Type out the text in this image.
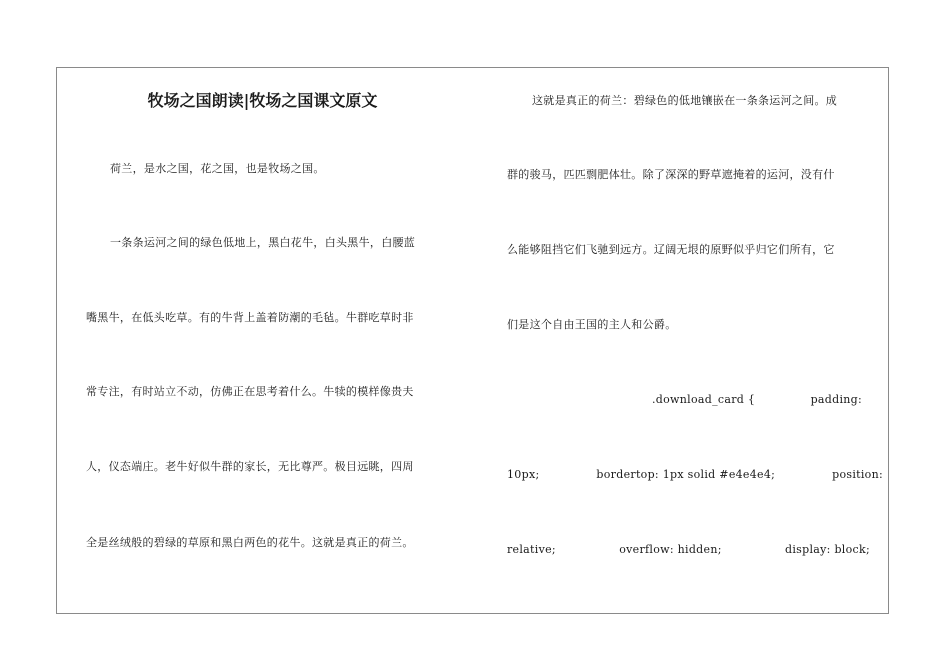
牧场之国朗读|牧场之国课文原文
荷兰，是水之国，花之国，也是牧场之国。
一条条运河之间的绿色低地上，黑白花牛，白头黑牛，白腰蓝
嘴黑牛，在低头吃草。有的牛背上盖着防潮的毛毡。牛群吃草时非
常专注，有时站立不动，仿佛正在思考着什么。牛犊的模样像贵夫
人，仪态端庄。老牛好似牛群的家长，无比尊严。极目远眺，四周
全是丝绒般的碧绿的草原和黑白两色的花牛。这就是真正的荷兰。
这就是真正的荷兰：碧绿色的低地镶嵌在一条条运河之间。成
群的骏马，匹匹剽肥体壮。除了深深的野草遮掩着的运河，没有什
么能够阻挡它们飞驰到远方。辽阔无垠的原野似乎归它们所有，它
们是这个自由王国的主人和公爵。
.download_card {	padding:
10px;	bordertop: 1px solid #e4e4e4;	position:
relative;	overflow: hidden;	display: block;
